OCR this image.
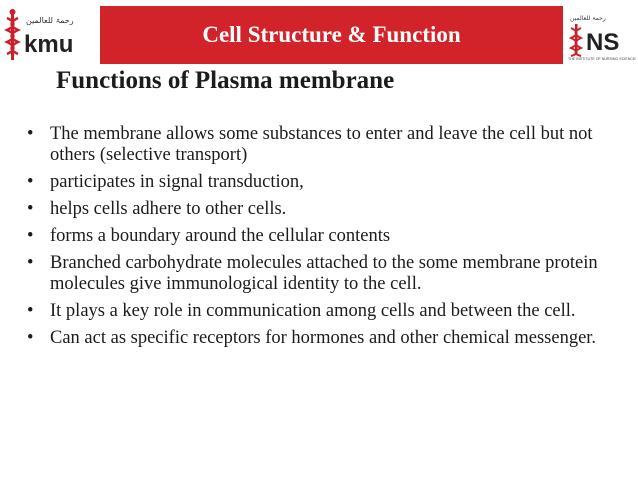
رحمۃ للعالمین
kmu	Cell Structure & Function
رحمۃ للعالمین
NS
THE INSTITUTE OF NURSING SCIENCES
Functions of Plasma membrane
• The membrane allows some substances to enter and leave the cell but not others (selective transport)
• participates in signal transduction,
• helps cells adhere to other cells.
• forms a boundary around the cellular contents
• Branched carbohydrate molecules attached to the some membrane protein molecules give immunological identity to the cell.
• It plays a key role in communication among cells and between the cell.
• Can act as specific receptors for hormones and other chemical messenger.
